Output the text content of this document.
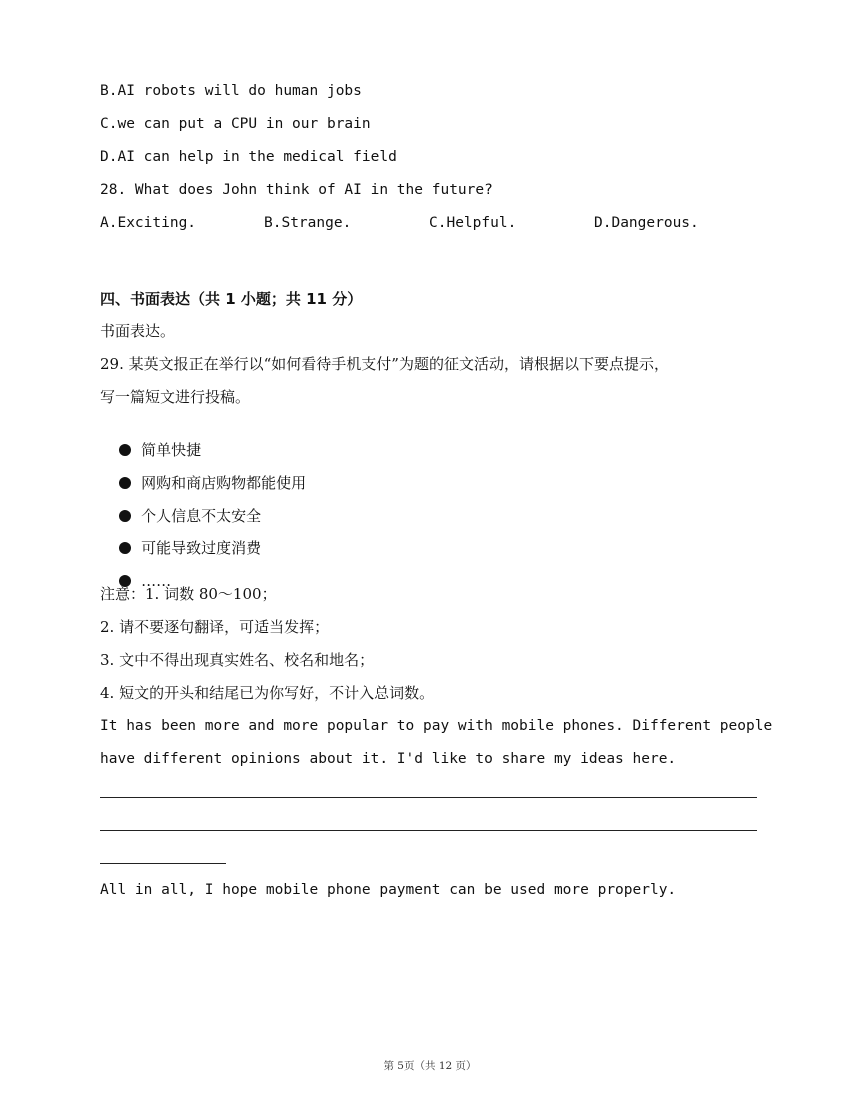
B.AI robots will do human jobs
C.we can put a CPU in our brain
D.AI can help in the medical field
28. What does John think of AI in the future?
A.Exciting.	B.Strange.	C.Helpful.	D.Dangerous.
四、书面表达（共 1 小题；共 11 分）
书面表达。
29. 某英文报正在举行以“如何看待手机支付”为题的征文活动，请根据以下要点提示，
写一篇短文进行投稿。

简单快捷

网购和商店购物都能使用

个人信息不太安全

可能导致过度消费

……

注意：1. 词数 80～100；
2. 请不要逐句翻译，可适当发挥；
3. 文中不得出现真实姓名、校名和地名；
4. 短文的开头和结尾已为你写好，不计入总词数。
It has been more and more popular to pay with mobile phones. Different people
have different opinions about it. I'd like to share my ideas here.
All in all, I hope mobile phone payment can be used more properly.
第 5页（共 12 页）
